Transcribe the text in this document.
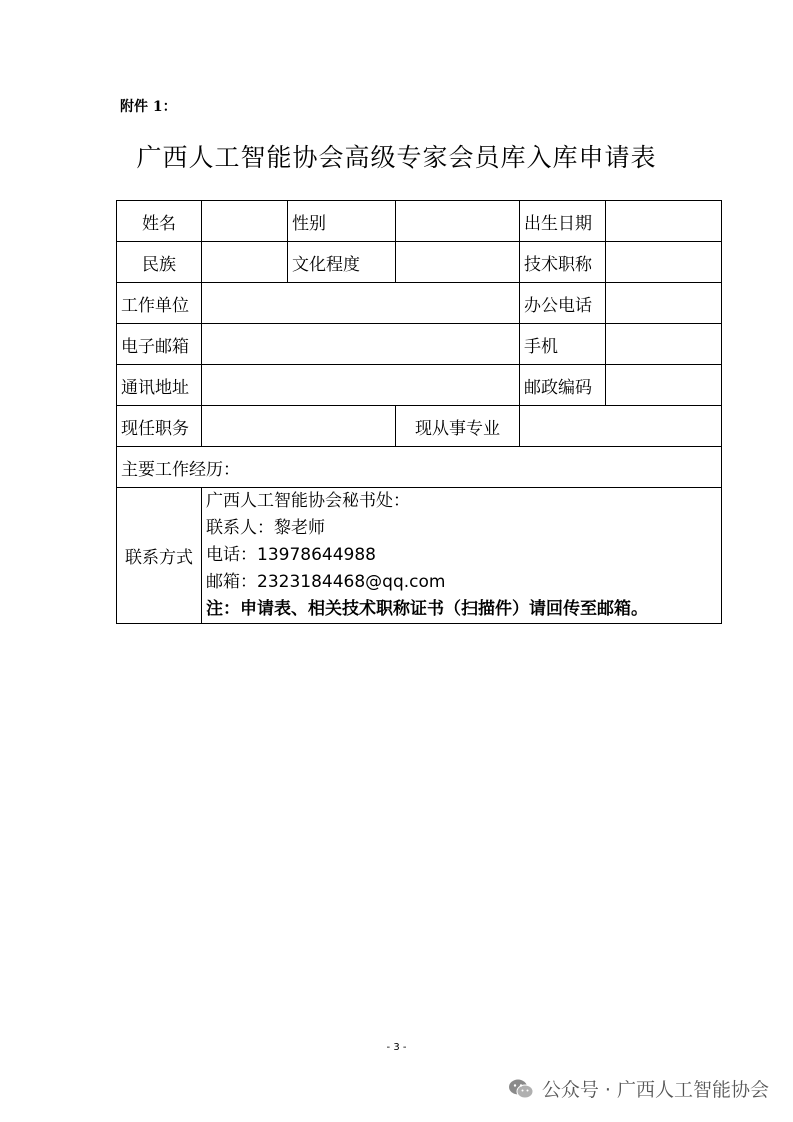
附件 1：
广西人工智能协会高级专家会员库入库申请表
姓名		性别		出生日期	
民族		文化程度		技术职称	
工作单位				办公电话	
电子邮箱				手机	
通讯地址				邮政编码	
现任职务			现从事专业		
主要工作经历：					
联系方式	广西人工智能协会秘书处：
联系人：黎老师
电话：13978644988
邮箱：2323184468@qq.com
注：申请表、相关技术职称证书（扫描件）请回传至邮箱。				
- 3 -
公众号 · 广西人工智能协会
